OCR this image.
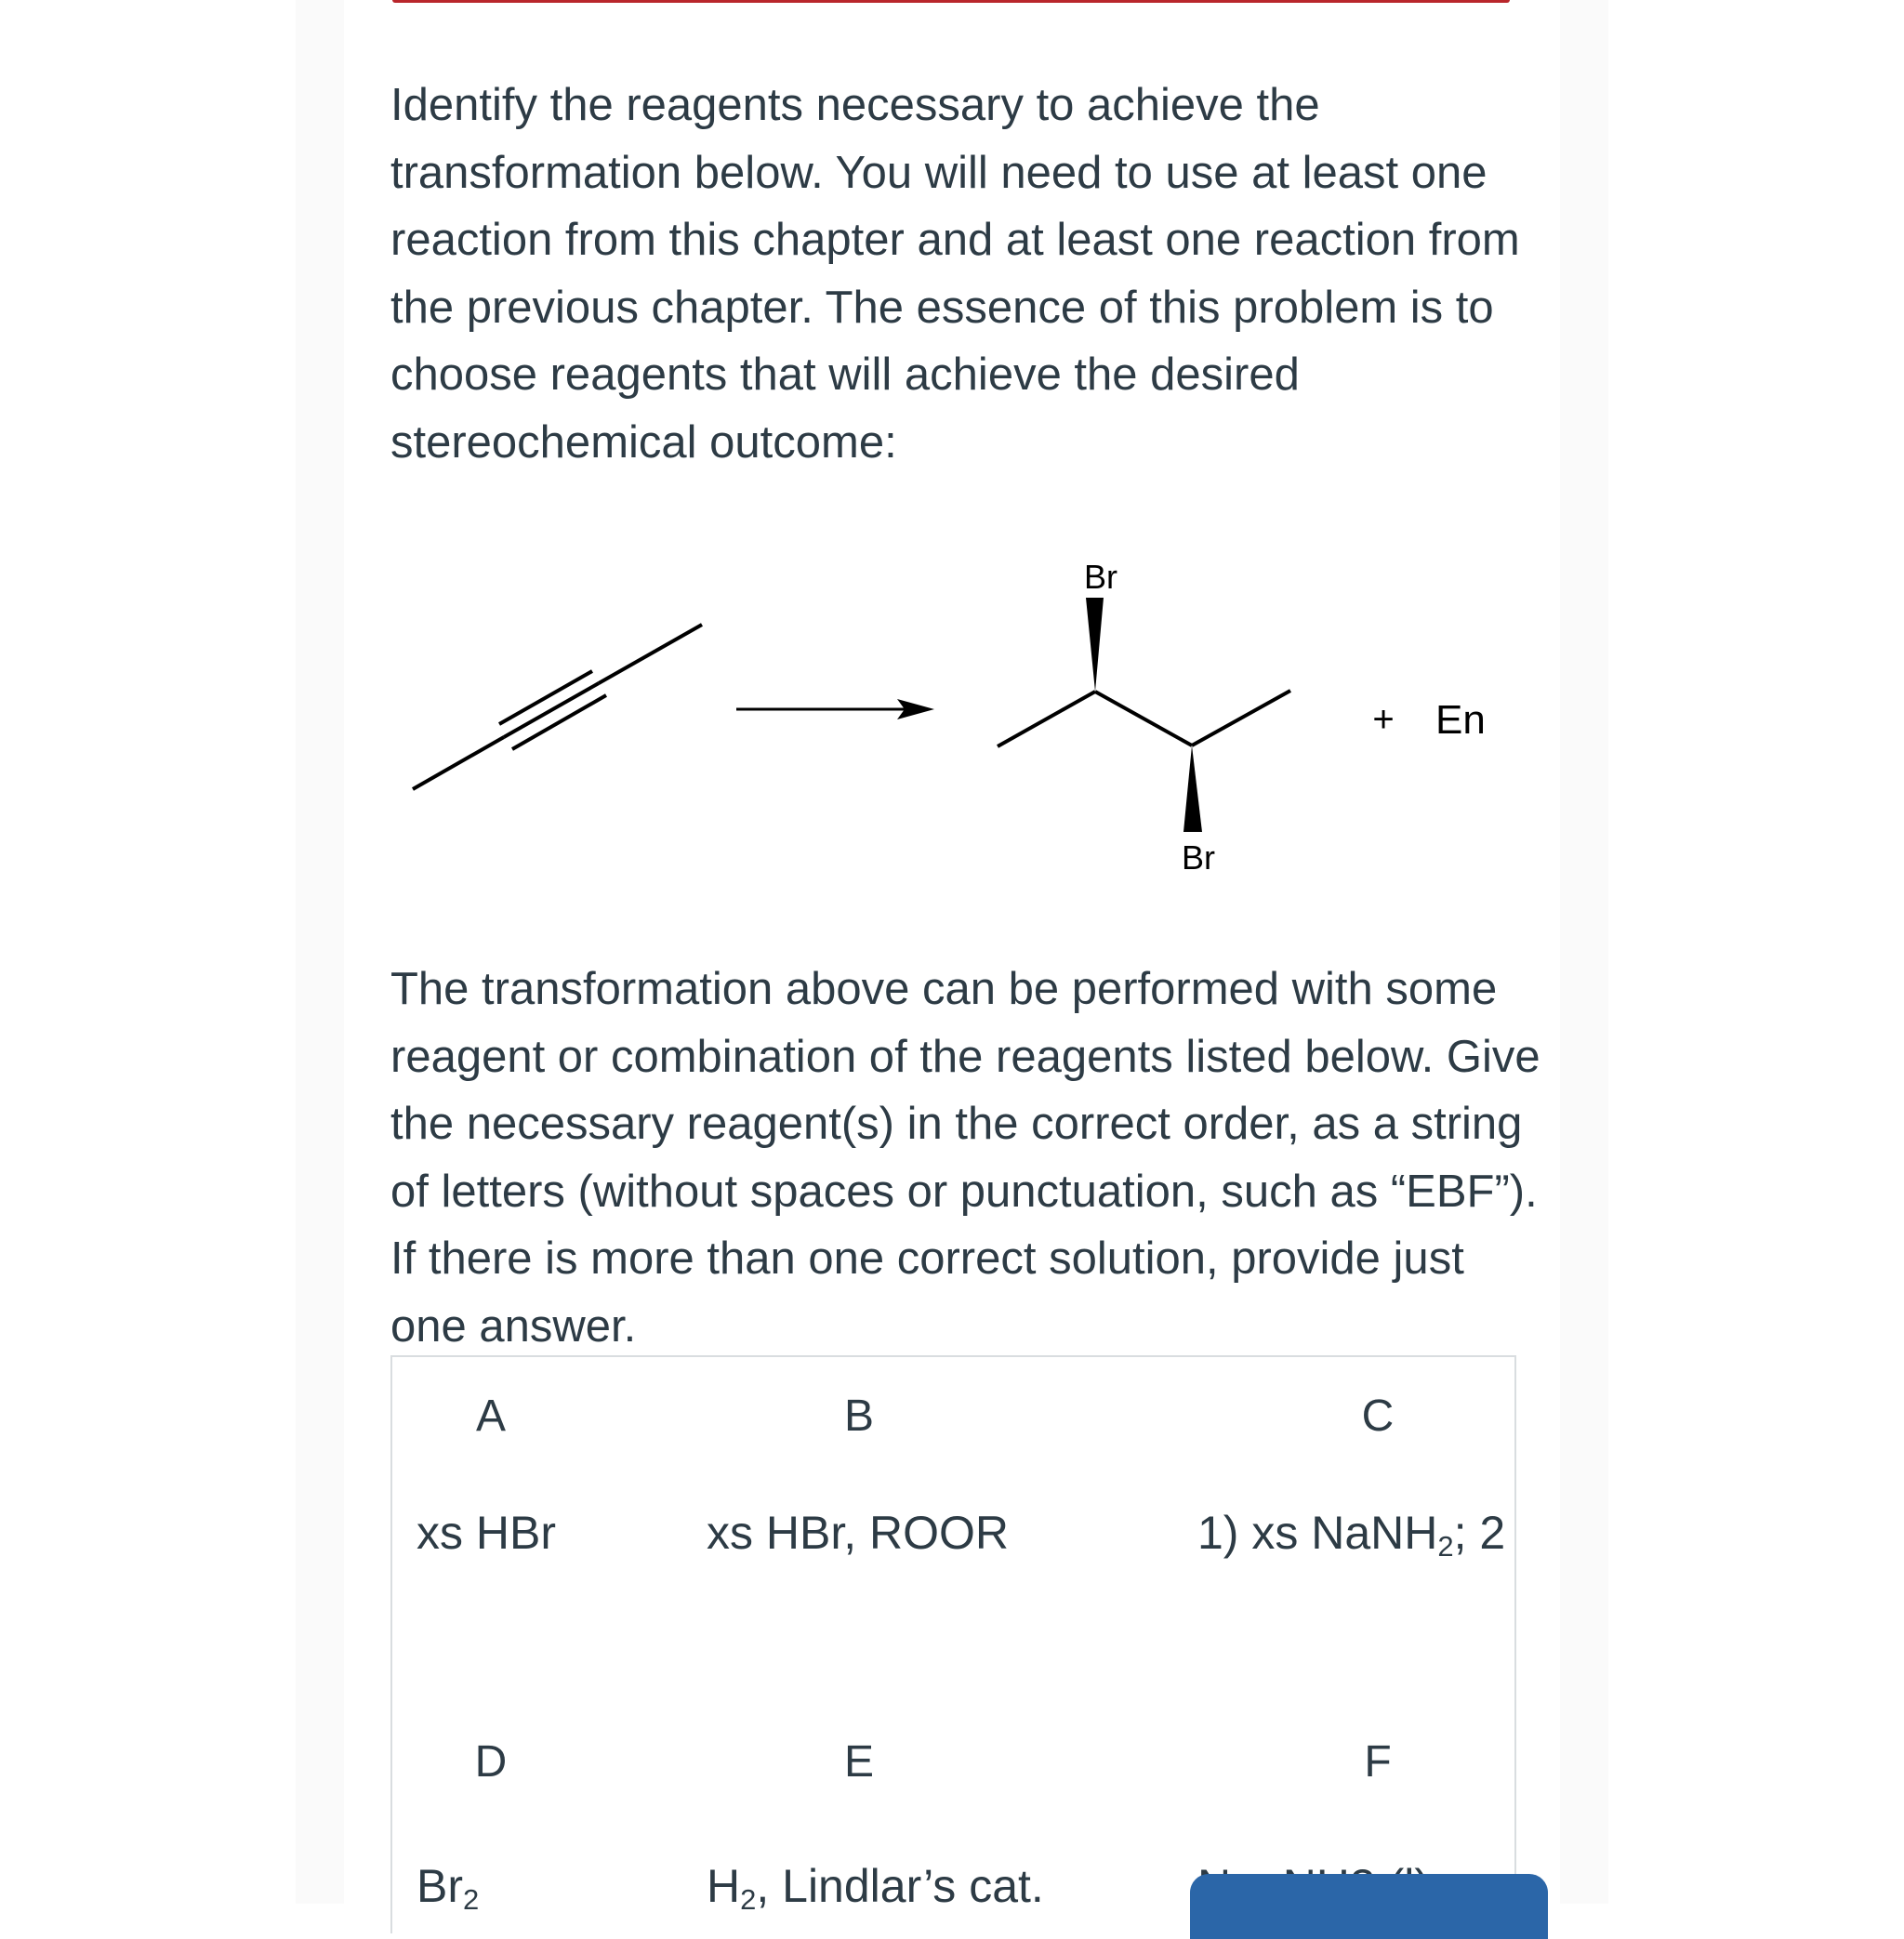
Identify the reagents necessary to achieve the transformation below. You will need to use at least one reaction from this chapter and at least one reaction from the previous chapter. The essence of this problem is to choose reagents that will achieve the desired stereochemical outcome:

Br
Br
+ En

The transformation above can be performed with some reagent or combination of the reagents listed below. Give the necessary reagent(s) in the correct order, as a string of letters (without spaces or punctuation, such as “EBF”). If there is more than one correct solution, provide just one answer.

A	B	C
xs HBr	xs HBr, ROOR	1) xs NaNH$_2$; 2
D	E	F
$Br_2$	$H_2$, Lindlar’s cat.
